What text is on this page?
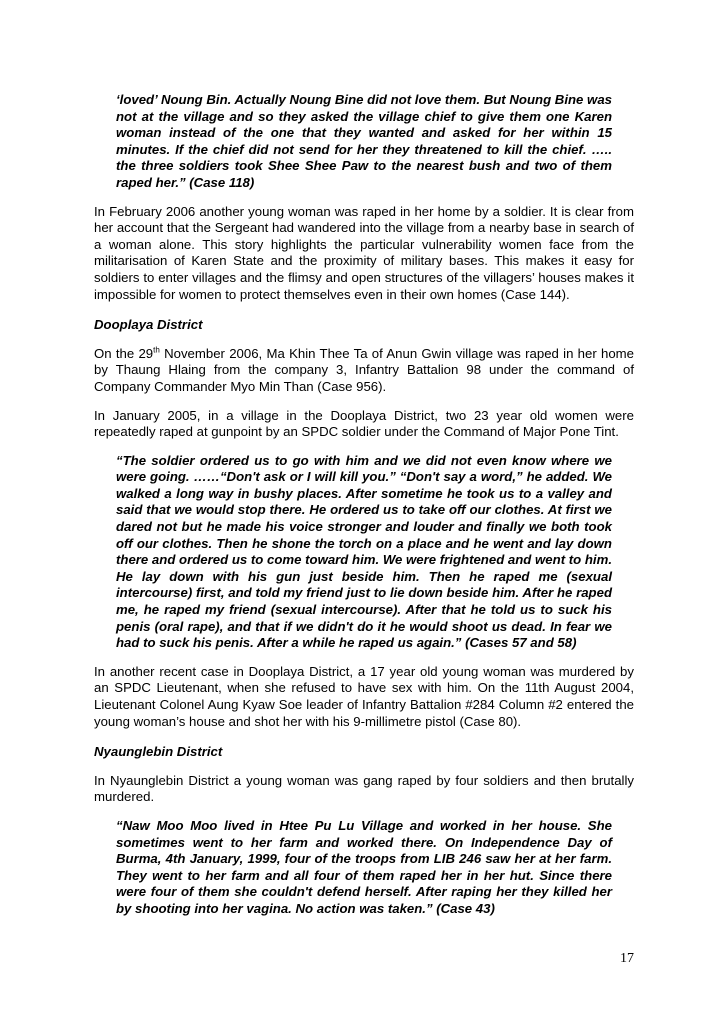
‘loved’ Noung Bin. Actually Noung Bine did not love them. But Noung Bine was not at the village and so they asked the village chief to give them one Karen woman instead of the one that they wanted and asked for her within 15 minutes. If the chief did not send for her they threatened to kill the chief. ….. the three soldiers took Shee Shee Paw to the nearest bush and two of them raped her.” (Case 118)

In February 2006 another young woman was raped in her home by a soldier. It is clear from her account that the Sergeant had wandered into the village from a nearby base in search of a woman alone. This story highlights the particular vulnerability women face from the militarisation of Karen State and the proximity of military bases. This makes it easy for soldiers to enter villages and the flimsy and open structures of the villagers’ houses makes it impossible for women to protect themselves even in their own homes (Case 144).

Dooplaya District

On the 29th November 2006, Ma Khin Thee Ta of Anun Gwin village was raped in her home by Thaung Hlaing from the company 3, Infantry Battalion 98 under the command of Company Commander Myo Min Than (Case 956).

In January 2005, in a village in the Dooplaya District, two 23 year old women were repeatedly raped at gunpoint by an SPDC soldier under the Command of Major Pone Tint.

“The soldier ordered us to go with him and we did not even know where we were going. ……“Don't ask or I will kill you.” “Don't say a word,” he added. We walked a long way in bushy places. After sometime he took us to a valley and said that we would stop there. He ordered us to take off our clothes. At first we dared not but he made his voice stronger and louder and finally we both took off our clothes. Then he shone the torch on a place and he went and lay down there and ordered us to come toward him. We were frightened and went to him. He lay down with his gun just beside him. Then he raped me (sexual intercourse) first, and told my friend just to lie down beside him. After he raped me, he raped my friend (sexual intercourse). After that he told us to suck his penis (oral rape), and that if we didn't do it he would shoot us dead. In fear we had to suck his penis. After a while he raped us again.” (Cases 57 and 58)

In another recent case in Dooplaya District, a 17 year old young woman was murdered by an SPDC Lieutenant, when she refused to have sex with him. On the 11th August 2004, Lieutenant Colonel Aung Kyaw Soe leader of Infantry Battalion #284 Column #2 entered the young woman’s house and shot her with his 9-millimetre pistol (Case 80).

Nyaunglebin District

In Nyaunglebin District a young woman was gang raped by four soldiers and then brutally murdered.

“Naw Moo Moo lived in Htee Pu Lu Village and worked in her house. She sometimes went to her farm and worked there. On Independence Day of Burma, 4th January, 1999, four of the troops from LIB 246 saw her at her farm. They went to her farm and all four of them raped her in her hut. Since there were four of them she couldn't defend herself. After raping her they killed her by shooting into her vagina. No action was taken.” (Case 43)
17
